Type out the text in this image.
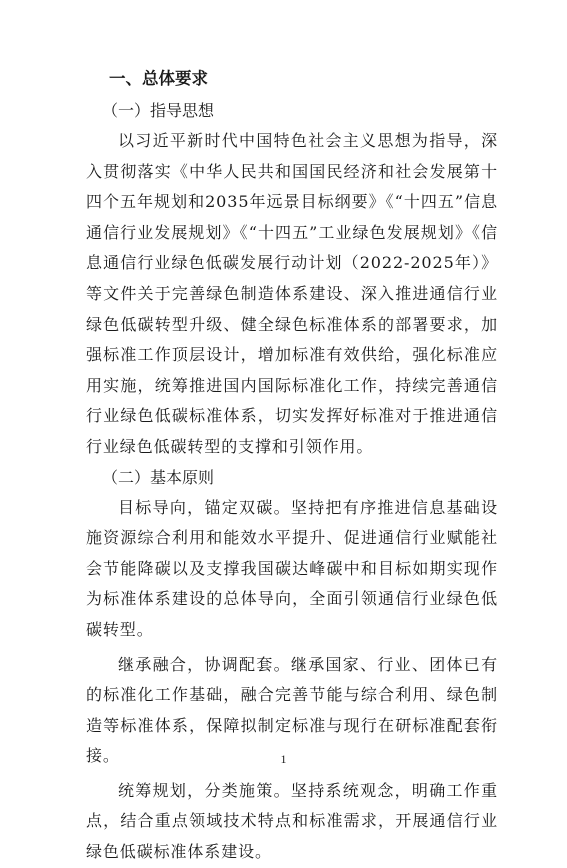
一、总体要求
（一）指导思想

以习近平新时代中国特色社会主义思想为指导，深入贯彻落实《中华人民共和国国民经济和社会发展第十四个五年规划和2035年远景目标纲要》《“十四五”信息通信行业发展规划》《“十四五”工业绿色发展规划》《信息通信行业绿色低碳发展行动计划（2022-2025年）》等文件关于完善绿色制造体系建设、深入推进通信行业绿色低碳转型升级、健全绿色标准体系的部署要求，加强标准工作顶层设计，增加标准有效供给，强化标准应用实施，统筹推进国内国际标准化工作，持续完善通信行业绿色低碳标准体系，切实发挥好标准对于推进通信行业绿色低碳转型的支撑和引领作用。

（二）基本原则

目标导向，锚定双碳。坚持把有序推进信息基础设施资源综合利用和能效水平提升、促进通信行业赋能社会节能降碳以及支撑我国碳达峰碳中和目标如期实现作为标准体系建设的总体导向，全面引领通信行业绿色低碳转型。

继承融合，协调配套。继承国家、行业、团体已有的标准化工作基础，融合完善节能与综合利用、绿色制造等标准体系，保障拟制定标准与现行在研标准配套衔接。

统筹规划，分类施策。坚持系统观念，明确工作重点，结合重点领域技术特点和标准需求，开展通信行业绿色低碳标准体系建设。

1
